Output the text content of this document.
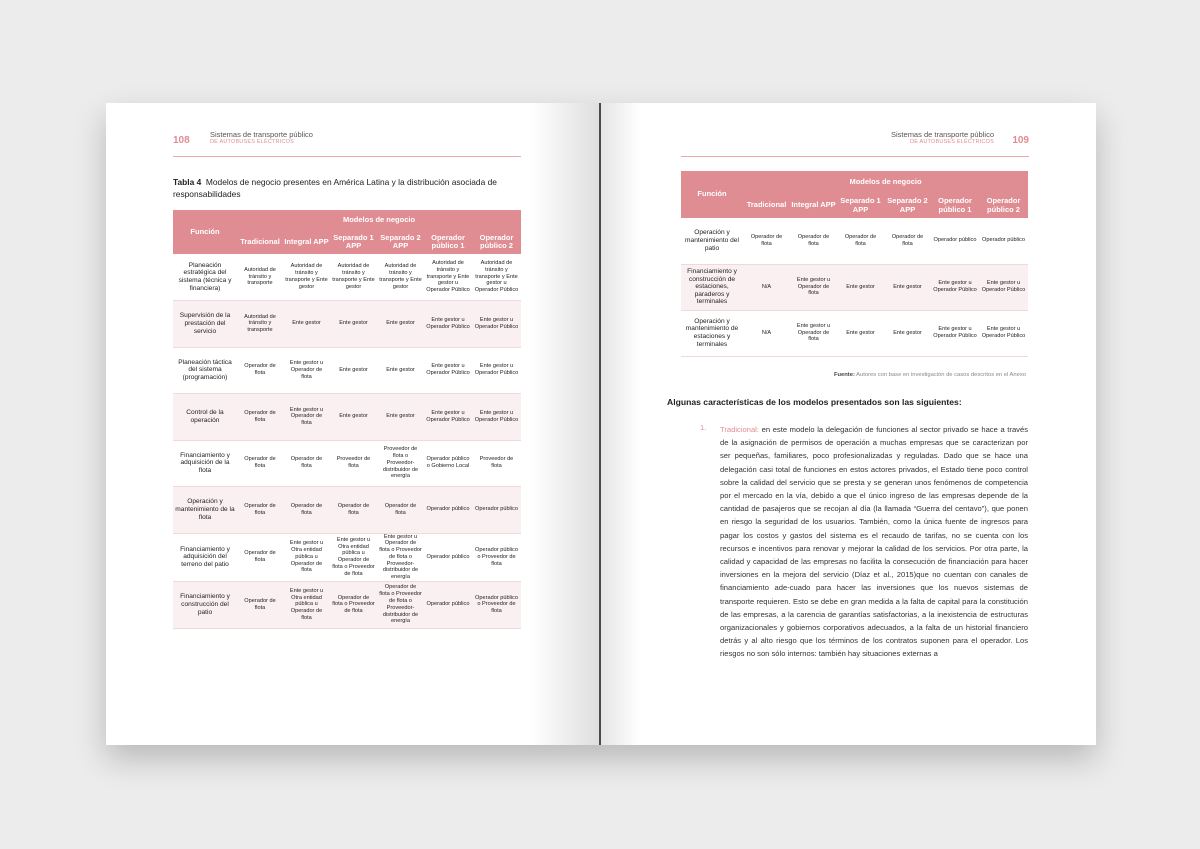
108
Sistemas de transporte público
DE AUTOBUSES ELÉCTRICOS
Tabla 4 Modelos de negocio presentes en América Latina y la distribución asociada de responsabilidades
Función	Modelos de negocio					
	Tradicional	Integral APP	Separado 1 APP	Separado 2 APP	Operador público 1	Operador público 2
Planeación estratégica del sistema (técnica y financiera)	Autoridad de tránsito y transporte	Autoridad de tránsito y transporte y Ente gestor	Autoridad de tránsito y transporte y Ente gestor	Autoridad de tránsito y transporte y Ente gestor	Autoridad de tránsito y transporte y Ente gestor u Operador Público	Autoridad de tránsito y transporte y Ente gestor u Operador Público
Supervisión de la prestación del servicio	Autoridad de tránsito y transporte	Ente gestor	Ente gestor	Ente gestor	Ente gestor u Operador Público	Ente gestor u Operador Público
Planeación táctica del sistema (programación)	Operador de flota	Ente gestor u Operador de flota	Ente gestor	Ente gestor	Ente gestor u Operador Público	Ente gestor u Operador Público
Control de la operación	Operador de flota	Ente gestor u Operador de flota	Ente gestor	Ente gestor	Ente gestor u Operador Público	Ente gestor u Operador Público
Financiamiento y adquisición de la flota	Operador de flota	Operador de flota	Proveedor de flota	Proveedor de flota o Proveedor-distribuidor de energía	Operador público o Gobierno Local	Proveedor de flota
Operación y mantenimiento de la flota	Operador de flota	Operador de flota	Operador de flota	Operador de flota	Operador público	Operador público
Financiamiento y adquisición del terreno del patio	Operador de flota	Ente gestor u Otra entidad pública u Operador de flota	Ente gestor u Otra entidad pública u Operador de flota o Proveedor de flota	Ente gestor u Operador de flota o Proveedor de flota o Proveedor-distribuidor de energía	Operador público	Operador público o Proveedor de flota
Financiamiento y construcción del patio	Operador de flota	Ente gestor u Otra entidad pública u Operador de flota	Operador de flota o Proveedor de flota	Operador de flota o Proveedor de flota o Proveedor-distribuidor de energía	Operador público	Operador público o Proveedor de flota
Sistemas de transporte público
DE AUTOBUSES ELÉCTRICOS 109
Función	Modelos de negocio					
	Tradicional	Integral APP	Separado 1 APP	Separado 2 APP	Operador público 1	Operador público 2
Operación y mantenimiento del patio	Operador de flota	Operador de flota	Operador de flota	Operador de flota	Operador público	Operador público
Financiamiento y construcción de estaciones, paraderos y terminales	N/A	Ente gestor u Operador de flota	Ente gestor	Ente gestor	Ente gestor u Operador Público	Ente gestor u Operador Público
Operación y mantenimiento de estaciones y terminales	N/A	Ente gestor u Operador de flota	Ente gestor	Ente gestor	Ente gestor u Operador Público	Ente gestor u Operador Público
Fuente: Autores con base en investigación de casos descritos en el Anexo
Algunas características de los modelos presentados son las siguientes:
1. Tradicional: en este modelo la delegación de funciones al sector privado se hace a través de la asignación de permisos de operación a muchas empresas que se caracterizan por ser pequeñas, familiares, poco profesionalizadas y reguladas. Dado que se hace una delegación casi total de funciones en estos actores privados, el Estado tiene poco control sobre la calidad del servicio que se presta y se generan unos fenómenos de competencia por el mercado en la vía, debido a que el único ingreso de las empresas depende de la cantidad de pasajeros que se recojan al día (la llamada “Guerra del centavo”), que ponen en riesgo la seguridad de los usuarios. También, como la única fuente de ingresos para pagar los costos y gastos del sistema es el recaudo de tarifas, no se cuenta con los recursos e incentivos para renovar y mejorar la calidad de los servicios. Por otra parte, la calidad y capacidad de las empresas no facilita la consecución de financiación para hacer inversiones en la mejora del servicio (Díaz et al., 2015)que no cuentan con canales de financiamiento ade-cuado para hacer las inversiones que los nuevos sistemas de transporte requieren. Esto se debe en gran medida a la falta de capital para la constitución de las empresas, a la carencia de garantías satisfactorias, a la inexistencia de estructuras organizacionales y gobiernos corporativos adecuados, a la falta de un historial financiero detrás y al alto riesgo que los términos de los contratos suponen para el operador. Los riesgos no son sólo internos: también hay situaciones externas a
